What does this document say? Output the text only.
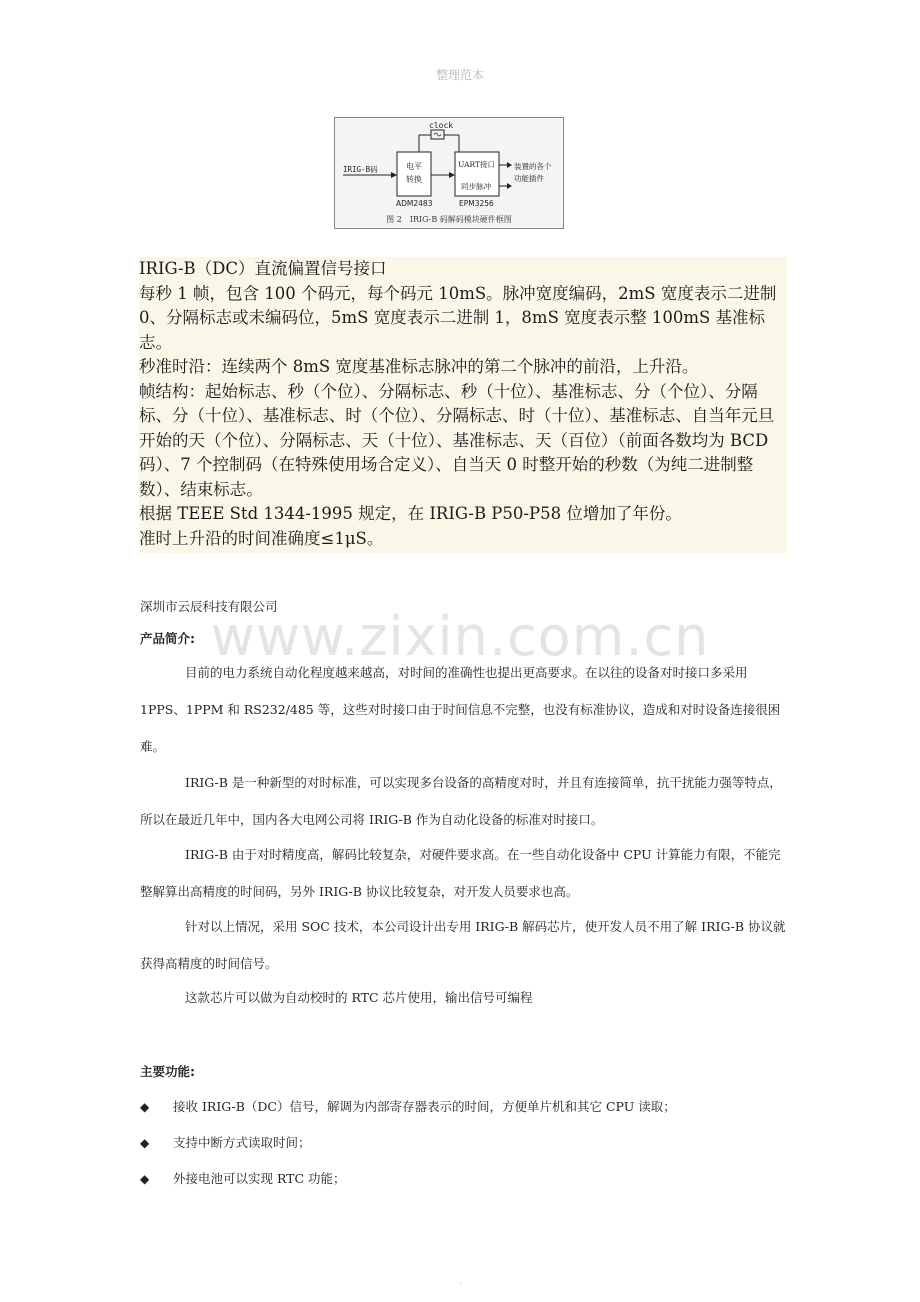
整理范本
clock
IRIG-B码	电平
转换
ADM2483
UART接口
同步脉冲
EPM3256
装置的各个
功能插件
图 2　IRIG-B 码解码模块硬件框图

IRIG-B（DC）直流偏置信号接口

每秒 1 帧，包含 100 个码元，每个码元 10mS。脉冲宽度编码，2mS 宽度表示二进制 0、分隔标志或未编码位，5mS 宽度表示二进制 1，8mS 宽度表示整 100mS 基准标志。

秒准时沿：连续两个 8mS 宽度基准标志脉冲的第二个脉冲的前沿，上升沿。

帧结构：起始标志、秒（个位）、分隔标志、秒（十位）、基准标志、分（个位）、分隔标、分（十位）、基准标志、时（个位）、分隔标志、时（十位）、基准标志、自当年元旦开始的天（个位）、分隔标志、天（十位）、基准标志、天（百位）（前面各数均为 BCD 码）、7 个控制码（在特殊使用场合定义）、自当天 0 时整开始的秒数（为纯二进制整数）、结束标志。

根据 TEEE Std 1344-1995 规定，在 IRIG-B P50-P58 位增加了年份。

准时上升沿的时间准确度≤1μS。

www.zixin.com.cn
深圳市云辰科技有限公司
产品简介:

目前的电力系统自动化程度越来越高，对时间的准确性也提出更高要求。在以往的设备对时接口多采用 1PPS、1PPM 和 RS232/485 等，这些对时接口由于时间信息不完整，也没有标准协议，造成和对时设备连接很困难。

IRIG-B 是一种新型的对时标准，可以实现多台设备的高精度对时，并且有连接简单，抗干扰能力强等特点，所以在最近几年中，国内各大电网公司将 IRIG-B 作为自动化设备的标准对时接口。

IRIG-B 由于对时精度高，解码比较复杂，对硬件要求高。在一些自动化设备中 CPU 计算能力有限，不能完整解算出高精度的时间码，另外 IRIG-B 协议比较复杂，对开发人员要求也高。

针对以上情况，采用 SOC 技术，本公司设计出专用 IRIG-B 解码芯片，使开发人员不用了解 IRIG-B 协议就获得高精度的时间信号。

这款芯片可以做为自动校时的 RTC 芯片使用，输出信号可编程

主要功能:
◆ 接收 IRIG-B（DC）信号，解调为内部寄存器表示的时间，方便单片机和其它 CPU 读取；
◆ 支持中断方式读取时间；
◆ 外接电池可以实现 RTC 功能；
.
